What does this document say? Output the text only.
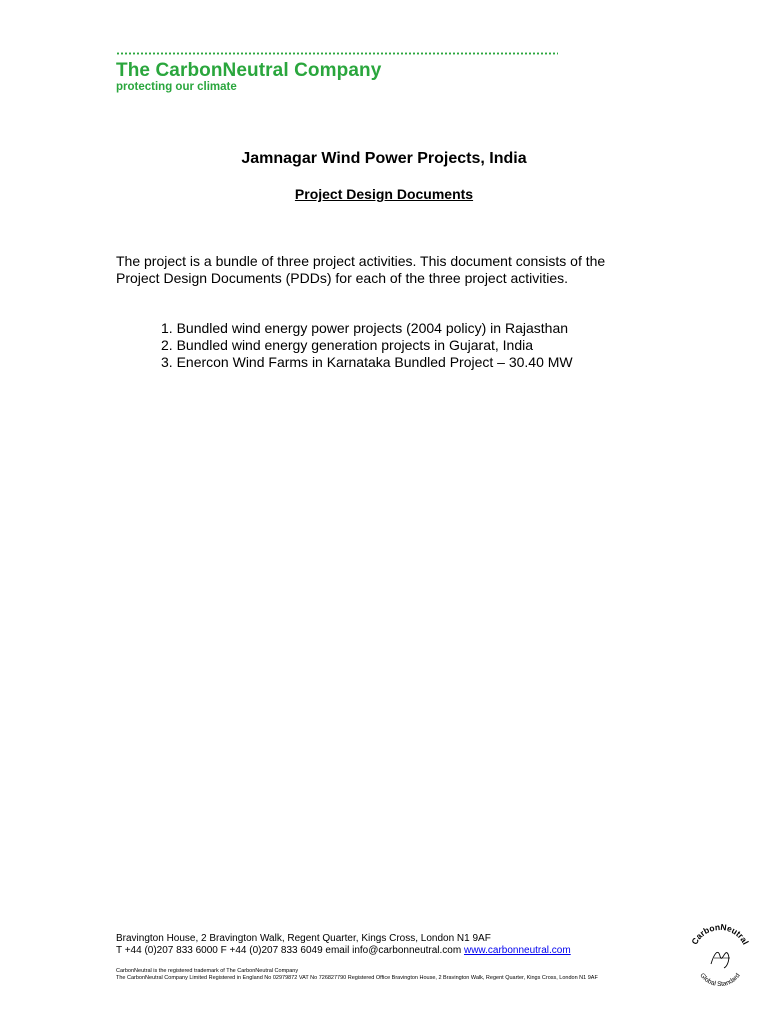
The CarbonNeutral Company
protecting our climate
Jamnagar Wind Power Projects, India
Project Design Documents
The project is a bundle of three project activities. This document consists of the
Project Design Documents (PDDs) for each of the three project activities.
1. Bundled wind energy power projects (2004 policy) in Rajasthan
2. Bundled wind energy generation projects in Gujarat, India
3. Enercon Wind Farms in Karnataka Bundled Project – 30.40 MW
Bravington House, 2 Bravington Walk, Regent Quarter, Kings Cross, London N1 9AF
T +44 (0)207 833 6000 F +44 (0)207 833 6049 email info@carbonneutral.com www.carbonneutral.com
CarbonNeutral is the registered trademark of The CarbonNeutral Company
The CarbonNeutral Company Limited Registered in England No 02979872 VAT No 726827790 Registered Office Bravington House, 2 Bravington Walk, Regent Quarter, Kings Cross, London N1 9AF
CarbonNeutral
Global Standard
